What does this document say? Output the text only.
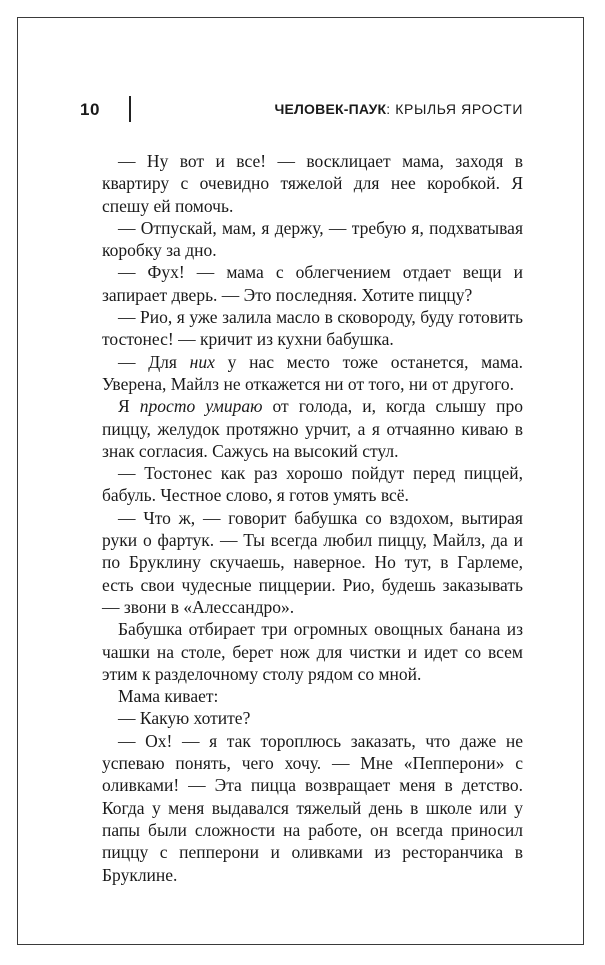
10	ЧЕЛОВЕК-ПАУК: КРЫЛЬЯ ЯРОСТИ

— Ну вот и все! — восклицает мама, заходя в квартиру с очевидно тяжелой для нее коробкой. Я спешу ей помочь.

— Отпускай, мам, я держу, — требую я, подхватывая коробку за дно.

— Фух! — мама с облегчением отдает вещи и запирает дверь. — Это последняя. Хотите пиццу?

— Рио, я уже залила масло в сковороду, буду готовить тостонес! — кричит из кухни бабушка.

— Для них у нас место тоже останется, мама. Уверена, Майлз не откажется ни от того, ни от другого.

Я просто умираю от голода, и, когда слышу про пиццу, желудок протяжно урчит, а я отчаянно киваю в знак согласия. Сажусь на высокий стул.

— Тостонес как раз хорошо пойдут перед пиццей, бабуль. Честное слово, я готов умять всё.

— Что ж, — говорит бабушка со вздохом, вытирая руки о фартук. — Ты всегда любил пиццу, Майлз, да и по Бруклину скучаешь, наверное. Но тут, в Гарлеме, есть свои чудесные пиццерии. Рио, будешь заказывать — звони в «Алессандро».

Бабушка отбирает три огромных овощных банана из чашки на столе, берет нож для чистки и идет со всем этим к разделочному столу рядом со мной.

Мама кивает:

— Какую хотите?

— Ох! — я так тороплюсь заказать, что даже не успеваю понять, чего хочу. — Мне «Пепперони» с оливками! — Эта пицца возвращает меня в детство. Когда у меня выдавался тяжелый день в школе или у папы были сложности на работе, он всегда приносил пиццу с пепперони и оливками из ресторанчика в Бруклине.
